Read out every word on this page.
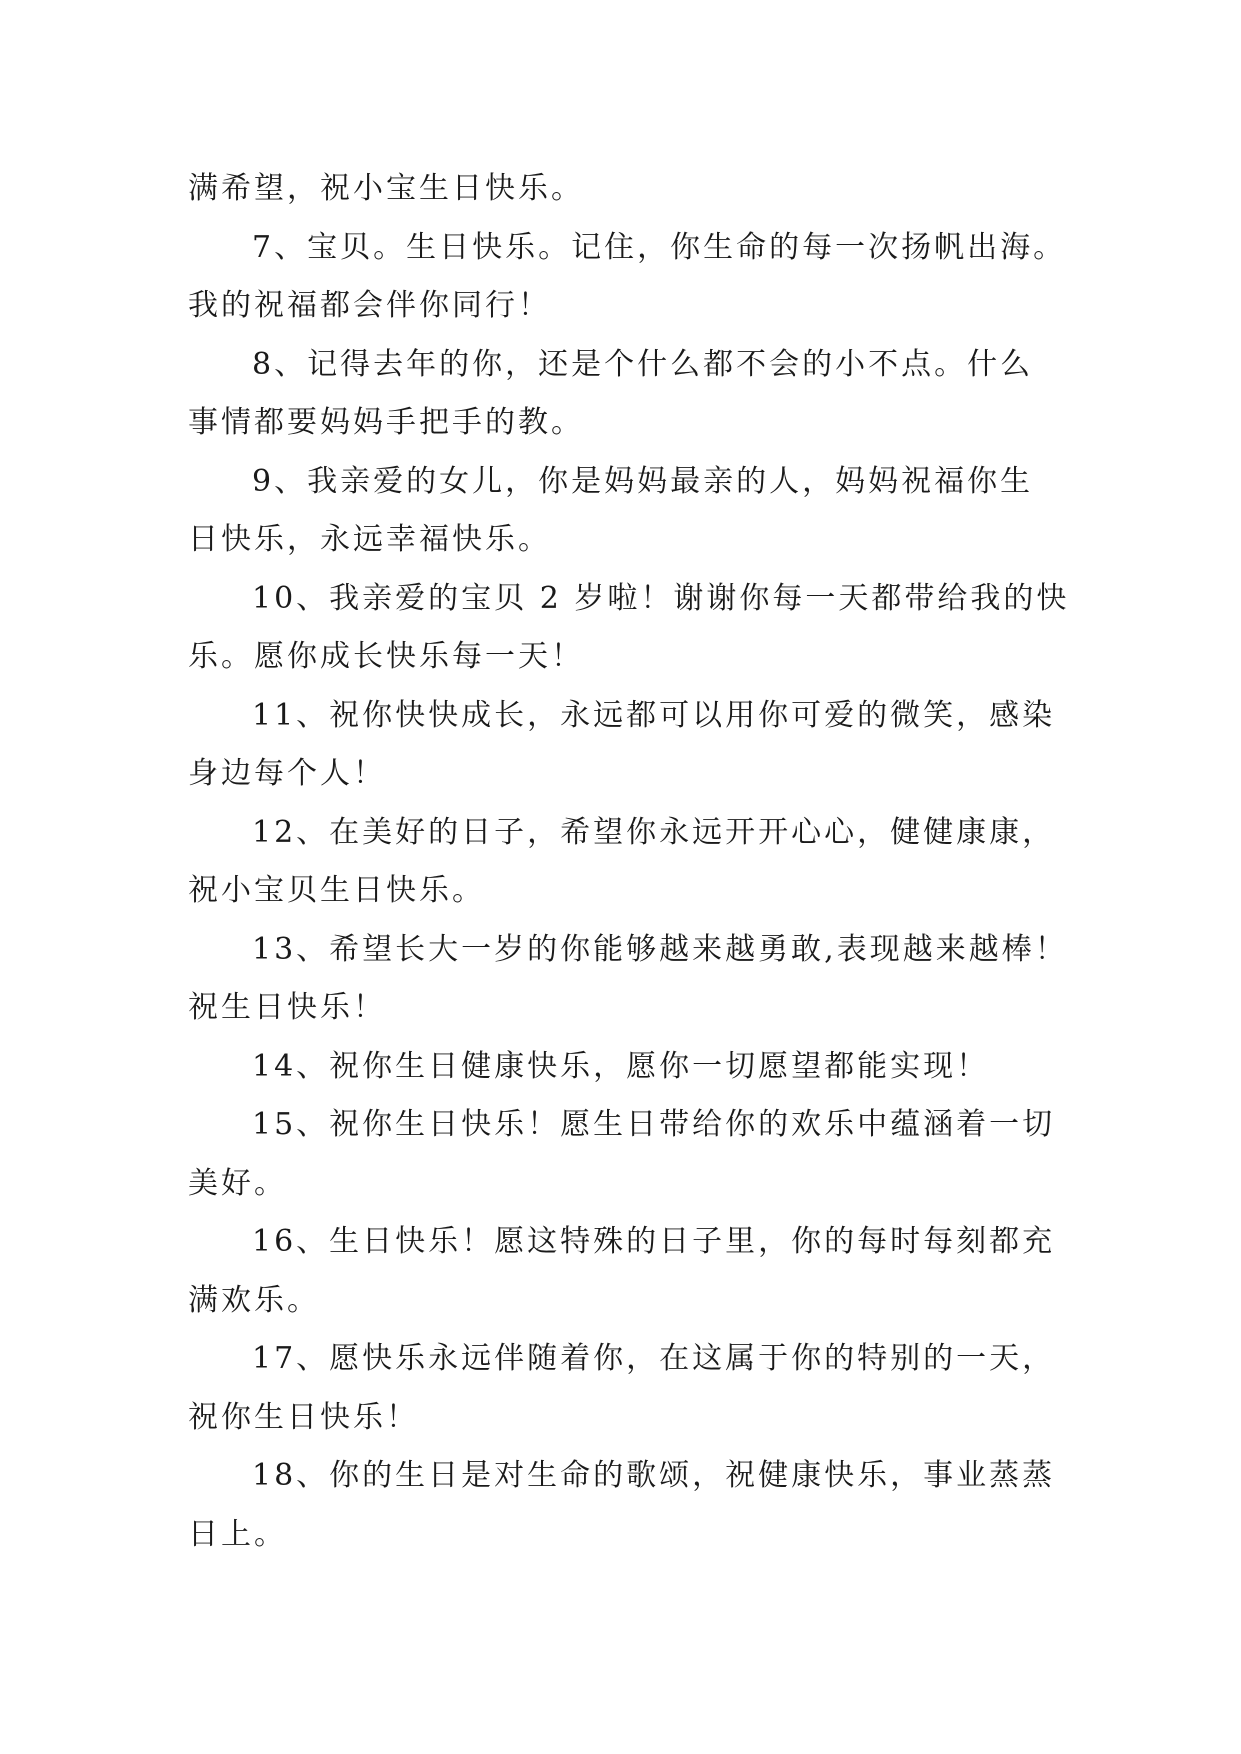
满希望，祝小宝生日快乐。
7、宝贝。生日快乐。记住，你生命的每一次扬帆出海。
我的祝福都会伴你同行！
8、记得去年的你，还是个什么都不会的小不点。什么
事情都要妈妈手把手的教。
9、我亲爱的女儿，你是妈妈最亲的人，妈妈祝福你生
日快乐，永远幸福快乐。
10、我亲爱的宝贝 2 岁啦！谢谢你每一天都带给我的快
乐。愿你成长快乐每一天！
11、祝你快快成长，永远都可以用你可爱的微笑，感染
身边每个人！
12、在美好的日子，希望你永远开开心心，健健康康，
祝小宝贝生日快乐。
13、希望长大一岁的你能够越来越勇敢,表现越来越棒！
祝生日快乐！
14、祝你生日健康快乐，愿你一切愿望都能实现！
15、祝你生日快乐！愿生日带给你的欢乐中蕴涵着一切
美好。
16、生日快乐！愿这特殊的日子里，你的每时每刻都充
满欢乐。
17、愿快乐永远伴随着你，在这属于你的特别的一天，
祝你生日快乐！
18、你的生日是对生命的歌颂，祝健康快乐，事业蒸蒸
日上。
